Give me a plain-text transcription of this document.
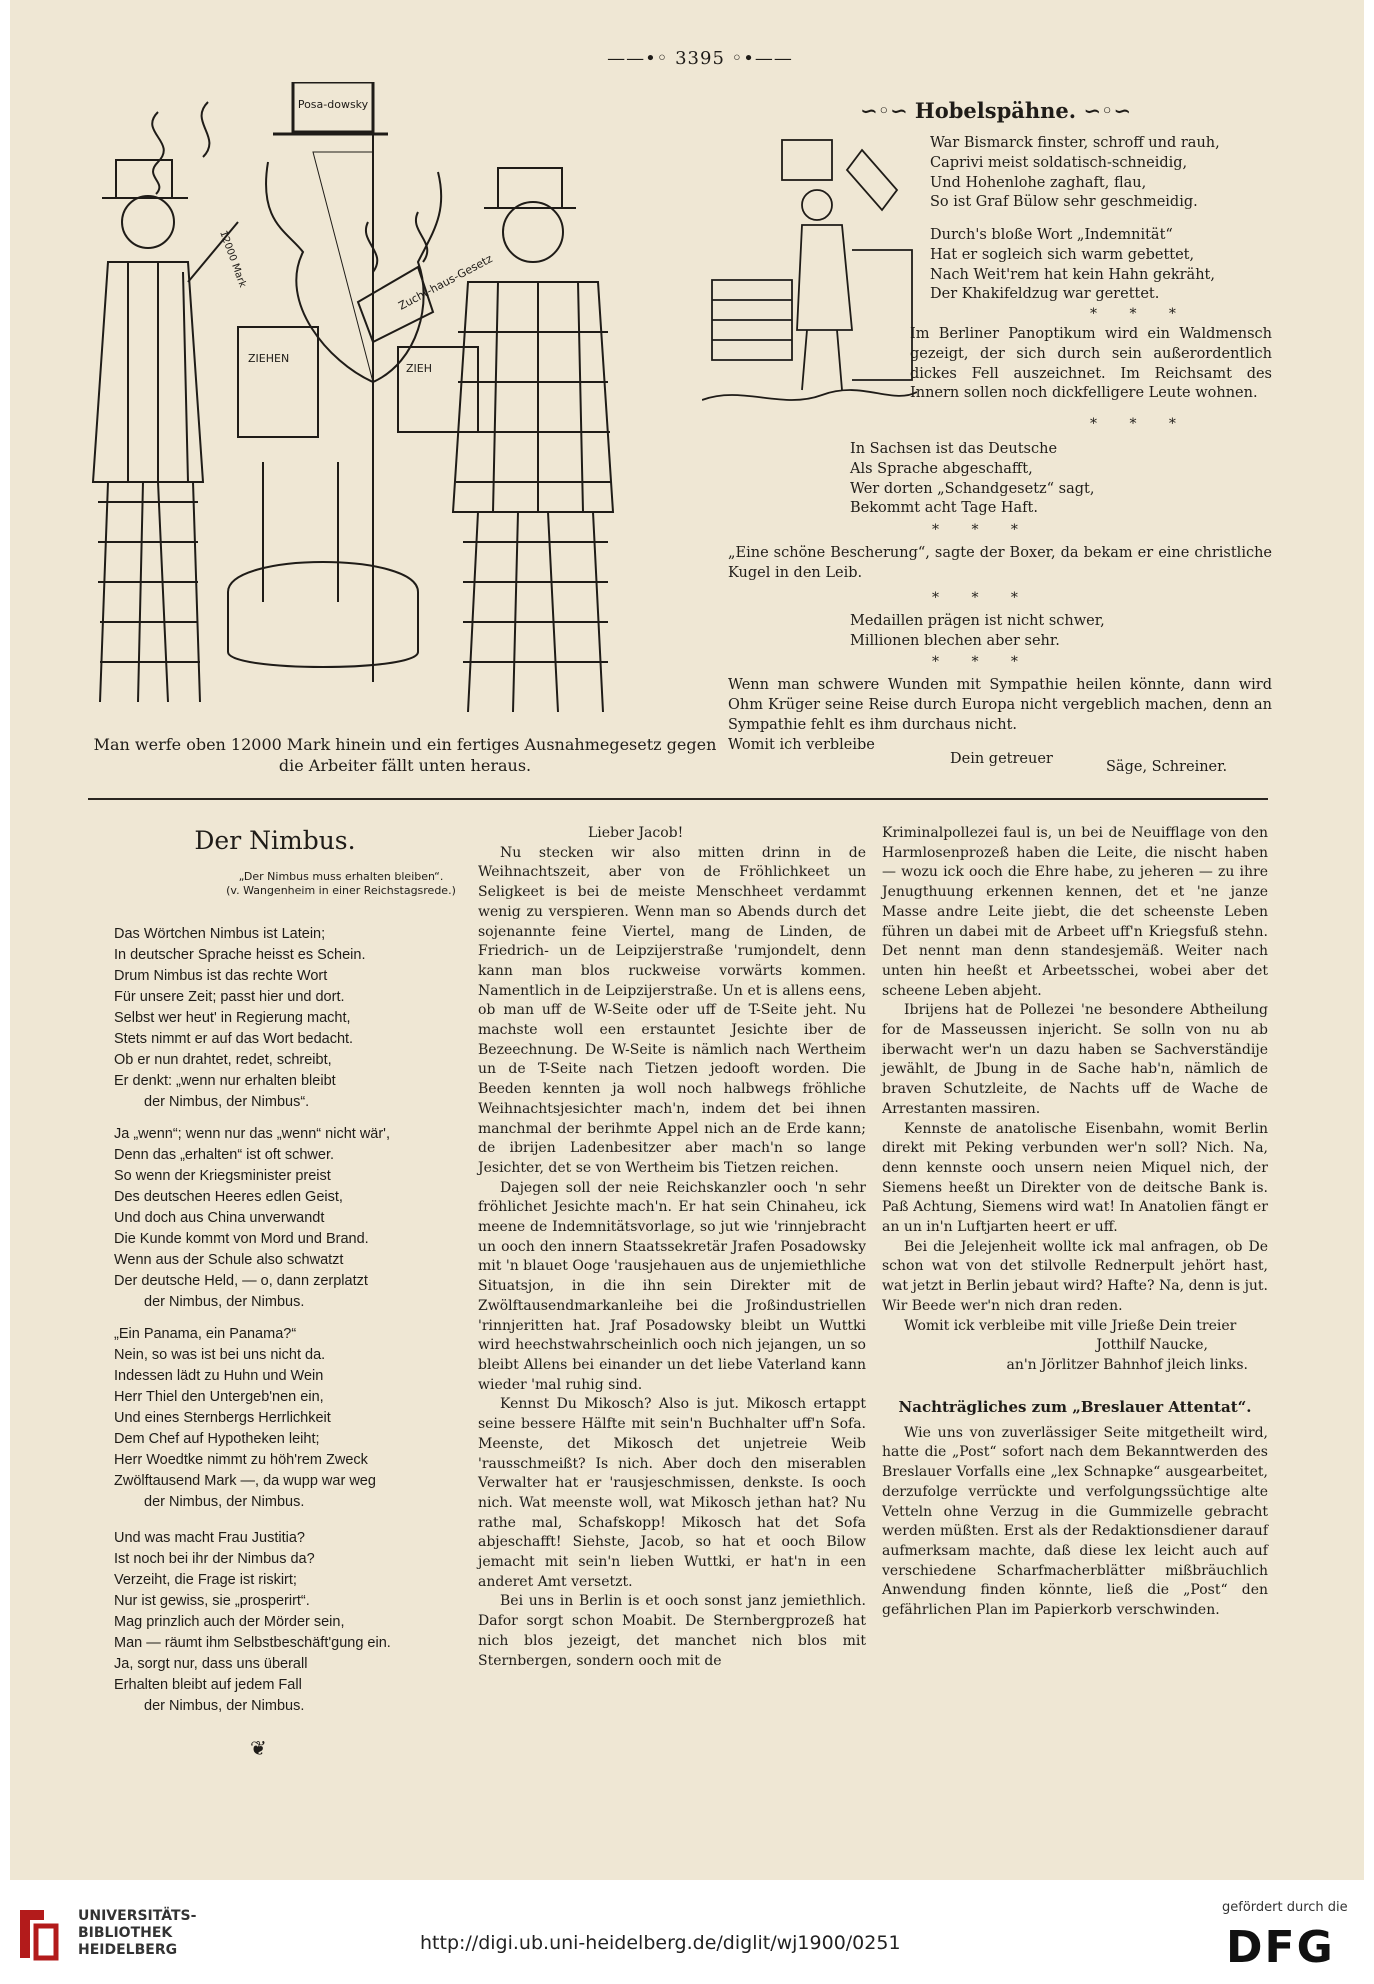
——•◦ 3395 ◦•——
Posa-dowsky
Zucht-haus-Gesetz
12000 Mark
ZIEHEN
ZIEH
Man werfe oben 12000 Mark hinein und ein fertiges Ausnahmegesetz gegen die Arbeiter fällt unten heraus.
∽◦∽ Hobelspähne. ∽◦∽
War Bismarck finster, schroff und rauh,
Caprivi meist soldatisch-schneidig,
Und Hohenlohe zaghaft, flau,
So ist Graf Bülow sehr geschmeidig.
Durch's bloße Wort „Indemnität“
Hat er sogleich sich warm gebettet,
Nach Weit'rem hat kein Hahn gekräht,
Der Khakifeldzug war gerettet.
* * *

Im Berliner Panoptikum wird ein Waldmensch gezeigt, der sich durch sein außerordentlich dickes Fell auszeichnet. Im Reichsamt des Innern sollen noch dickfelligere Leute wohnen.

* * *
In Sachsen ist das Deutsche
Als Sprache abgeschafft,
Wer dorten „Schandgesetz“ sagt,
Bekommt acht Tage Haft.
* * *

„Eine schöne Bescherung“, sagte der Boxer, da bekam er eine christliche Kugel in den Leib.

* * *
Medaillen prägen ist nicht schwer,
Millionen blechen aber sehr.
* * *

Wenn man schwere Wunden mit Sympathie heilen könnte, dann wird Ohm Krüger seine Reise durch Europa nicht vergeblich machen, denn an Sympathie fehlt es ihm durchaus nicht.

Womit ich verbleibe
Dein getreuer	Säge, Schreiner.
Der Nimbus.
„Der Nimbus muss erhalten bleiben“.
(v. Wangenheim in einer Reichstagsrede.)
Das Wörtchen Nimbus ist Latein;
In deutscher Sprache heisst es Schein.
Drum Nimbus ist das rechte Wort
Für unsere Zeit; passt hier und dort.
Selbst wer heut' in Regierung macht,
Stets nimmt er auf das Wort bedacht.
Ob er nun drahtet, redet, schreibt,
Er denkt: „wenn nur erhalten bleibt
der Nimbus, der Nimbus“.
Ja „wenn“; wenn nur das „wenn“ nicht wär',
Denn das „erhalten“ ist oft schwer.
So wenn der Kriegsminister preist
Des deutschen Heeres edlen Geist,
Und doch aus China unverwandt
Die Kunde kommt von Mord und Brand.
Wenn aus der Schule also schwatzt
Der deutsche Held, — o, dann zerplatzt
der Nimbus, der Nimbus.
„Ein Panama, ein Panama?“
Nein, so was ist bei uns nicht da.
Indessen lädt zu Huhn und Wein
Herr Thiel den Untergeb'nen ein,
Und eines Sternbergs Herrlichkeit
Dem Chef auf Hypotheken leiht;
Herr Woedtke nimmt zu höh'rem Zweck
Zwölftausend Mark —, da wupp war weg
der Nimbus, der Nimbus.
Und was macht Frau Justitia?
Ist noch bei ihr der Nimbus da?
Verzeiht, die Frage ist riskirt;
Nur ist gewiss, sie „prosperirt“.
Mag prinzlich auch der Mörder sein,
Man — räumt ihm Selbstbeschäft'gung ein.
Ja, sorgt nur, dass uns überall
Erhalten bleibt auf jedem Fall
der Nimbus, der Nimbus.
❦

Lieber Jacob!

Nu stecken wir also mitten drinn in de Weihnachtszeit, aber von de Fröhlichkeet un Seligkeet is bei de meiste Menschheet verdammt wenig zu verspieren. Wenn man so Abends durch det sojenannte feine Viertel, mang de Linden, de Friedrich- un de Leipzijerstraße 'rumjondelt, denn kann man blos ruckweise vorwärts kommen. Namentlich in de Leipzijerstraße. Un et is allens eens, ob man uff de W-Seite oder uff de T-Seite jeht. Nu machste woll een erstauntet Jesichte iber de Bezeechnung. De W-Seite is nämlich nach Wertheim un de T-Seite nach Tietzen jedooft worden. Die Beeden kennten ja woll noch halbwegs fröhliche Weihnachtsjesichter mach'n, indem det bei ihnen manchmal der berihmte Appel nich an de Erde kann; de ibrijen Ladenbesitzer aber mach'n so lange Jesichter, det se von Wertheim bis Tietzen reichen.

Dajegen soll der neie Reichskanzler ooch 'n sehr fröhlichet Jesichte mach'n. Er hat sein Chinaheu, ick meene de Indemnitätsvorlage, so jut wie 'rinnjebracht un ooch den innern Staatssekretär Jrafen Posadowsky mit 'n blauet Ooge 'rausjehauen aus de unjemiethliche Situatsjon, in die ihn sein Direkter mit de Zwölftausendmarkanleihe bei die Jroßindustriellen 'rinnjeritten hat. Jraf Posadowsky bleibt un Wuttki wird heechstwahrscheinlich ooch nich jejangen, un so bleibt Allens bei einander un det liebe Vaterland kann wieder 'mal ruhig sind.

Kennst Du Mikosch? Also is jut. Mikosch ertappt seine bessere Hälfte mit sein'n Buchhalter uff'n Sofa. Meenste, det Mikosch det unjetreie Weib 'rausschmeißt? Is nich. Aber doch den miserablen Verwalter hat er 'rausjeschmissen, denkste. Is ooch nich. Wat meenste woll, wat Mikosch jethan hat? Nu rathe mal, Schafskopp! Mikosch hat det Sofa abjeschafft! Siehste, Jacob, so hat et ooch Bilow jemacht mit sein'n lieben Wuttki, er hat'n in een anderet Amt versetzt.

Bei uns in Berlin is et ooch sonst janz jemiethlich. Dafor sorgt schon Moabit. De Sternbergprozeß hat nich blos jezeigt, det manchet nich blos mit Sternbergen, sondern ooch mit de

Kriminalpollezei faul is, un bei de Neuifflage von den Harmlosenprozeß haben die Leite, die nischt haben — wozu ick ooch die Ehre habe, zu jeheren — zu ihre Jenugthuung erkennen kennen, det et 'ne janze Masse andre Leite jiebt, die det scheenste Leben führen un dabei mit de Arbeet uff'n Kriegsfuß stehn. Det nennt man denn standesjemäß. Weiter nach unten hin heeßt et Arbeetsschei, wobei aber det scheene Leben abjeht.

Ibrijens hat de Pollezei 'ne besondere Abtheilung for de Masseussen injericht. Se solln von nu ab iberwacht wer'n un dazu haben se Sachverständije jewählt, de Jbung in de Sache hab'n, nämlich de braven Schutzleite, de Nachts uff de Wache de Arrestanten massiren.

Kennste de anatolische Eisenbahn, womit Berlin direkt mit Peking verbunden wer'n soll? Nich. Na, denn kennste ooch unsern neien Miquel nich, der Siemens heeßt un Direkter von de deitsche Bank is. Paß Achtung, Siemens wird wat! In Anatolien fängt er an un in'n Luftjarten heert er uff.

Bei die Jelejenheit wollte ick mal anfragen, ob De schon wat von det stilvolle Rednerpult jehört hast, wat jetzt in Berlin jebaut wird? Hafte? Na, denn is jut. Wir Beede wer'n nich dran reden.

Womit ick verbleibe mit ville Jrieße Dein treier

Jotthilf Naucke,
an'n Jörlitzer Bahnhof jleich links.
Nachträgliches zum „Breslauer Attentat“.

Wie uns von zuverlässiger Seite mitgetheilt wird, hatte die „Post“ sofort nach dem Bekanntwerden des Breslauer Vorfalls eine „lex Schnapke“ ausgearbeitet, derzufolge verrückte und verfolgungssüchtige alte Vetteln ohne Verzug in die Gummizelle gebracht werden müßten. Erst als der Redaktionsdiener darauf aufmerksam machte, daß diese lex leicht auch auf verschiedene Scharfmacherblätter mißbräuchlich Anwendung finden könnte, ließ die „Post“ den gefährlichen Plan im Papierkorb verschwinden.

UNIVERSITÄTS-
BIBLIOTHEK
HEIDELBERG	http://digi.ub.uni-heidelberg.de/diglit/wj1900/0251
gefördert durch die
DFG
